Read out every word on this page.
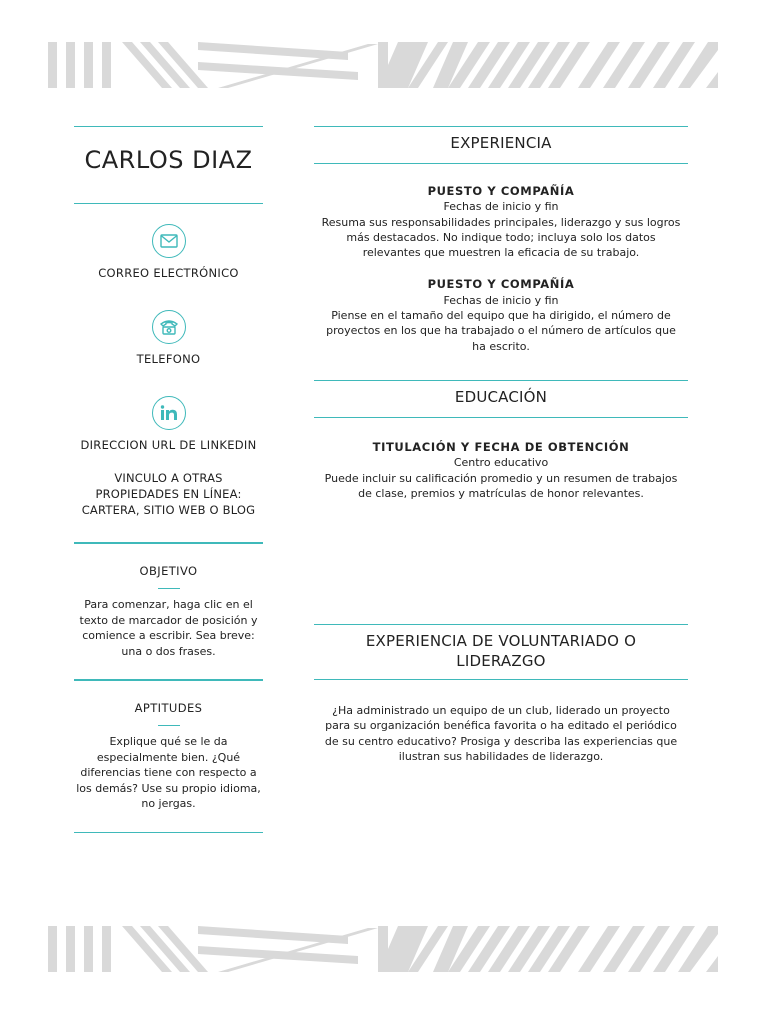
CARLOS DIAZ
CORREO ELECTRÓNICO
TELEFONO
DIRECCION URL DE LINKEDIN
VINCULO A OTRAS PROPIEDADES EN LÍNEA: CARTERA, SITIO WEB O BLOG
OBJETIVO
Para comenzar, haga clic en el texto de marcador de posición y comience a escribir. Sea breve: una o dos frases.
APTITUDES
Explique qué se le da especialmente bien. ¿Qué diferencias tiene con respecto a los demás? Use su propio idioma, no jergas.
EXPERIENCIA
PUESTO Y COMPAÑÍA
Fechas de inicio y fin
Resuma sus responsabilidades principales, liderazgo y sus logros más destacados. No indique todo; incluya solo los datos relevantes que muestren la eficacia de su trabajo.
PUESTO Y COMPAÑÍA
Fechas de inicio y fin
Piense en el tamaño del equipo que ha dirigido, el número de proyectos en los que ha trabajado o el número de artículos que ha escrito.
EDUCACIÓN
TITULACIÓN Y FECHA DE OBTENCIÓN
Centro educativo
Puede incluir su calificación promedio y un resumen de trabajos de clase, premios y matrículas de honor relevantes.
EXPERIENCIA DE VOLUNTARIADO O LIDERAZGO
¿Ha administrado un equipo de un club, liderado un proyecto para su organización benéfica favorita o ha editado el periódico de su centro educativo? Prosiga y describa las experiencias que ilustran sus habilidades de liderazgo.
